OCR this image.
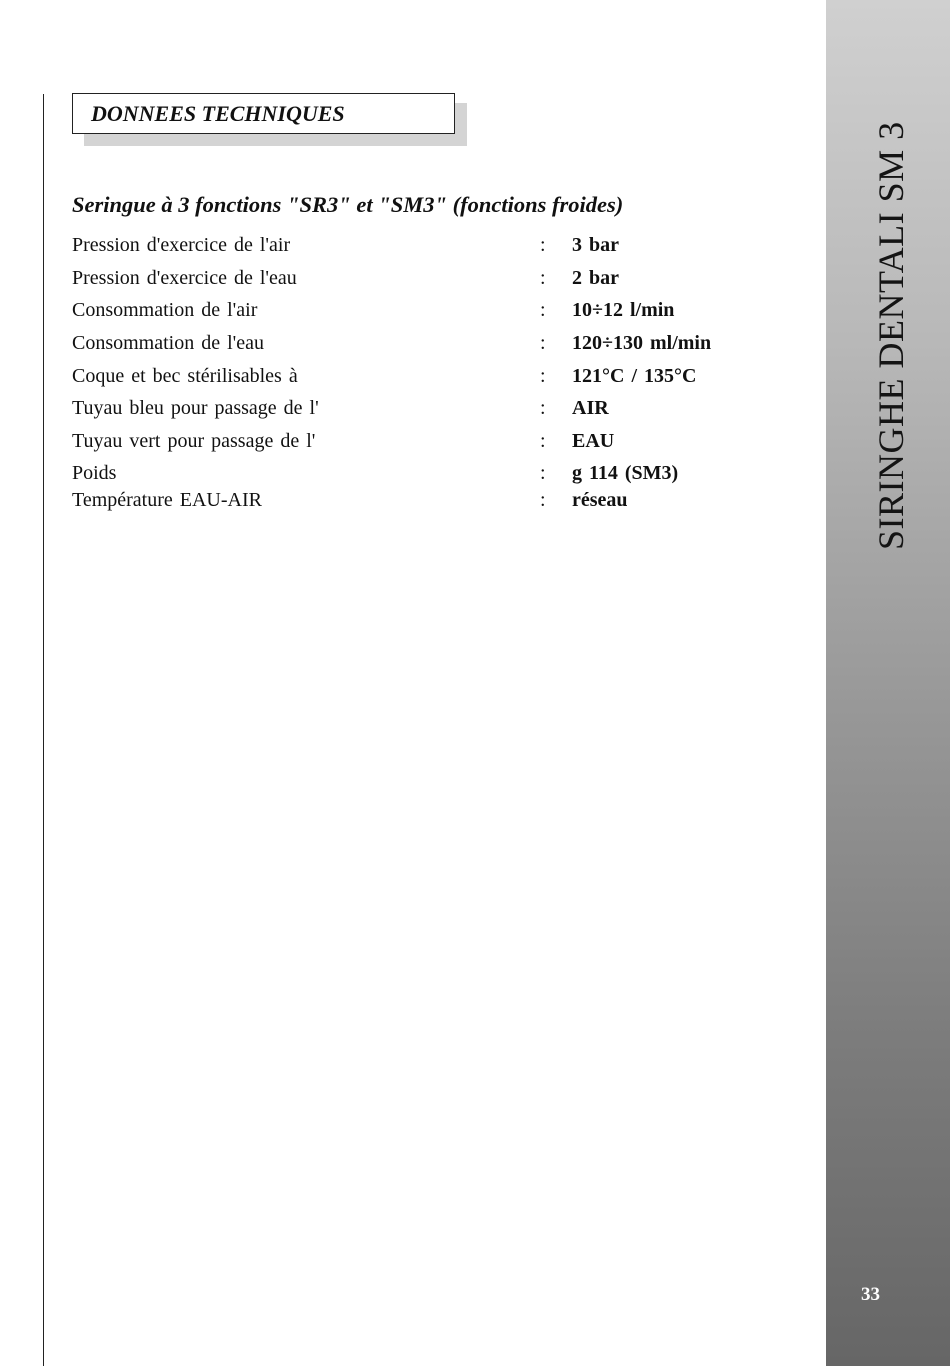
DONNEES TECHNIQUES
Seringue à 3 fonctions "SR3" et "SM3" (fonctions froides)
Pression d'exercice de l'air	: 3 bar
Pression d'exercice de l'eau	: 2 bar
Consommation de l'air	: 10÷12 l/min
Consommation de l'eau	: 120÷130 ml/min
Coque et bec stérilisables à	: 121°C / 135°C
Tuyau bleu pour passage de l'	: AIR
Tuyau vert pour passage de l'	: EAU
Poids	: g 114 (SM3)
Température EAU-AIR	: réseau	SIRINGHE DENTALI SM 3
33
